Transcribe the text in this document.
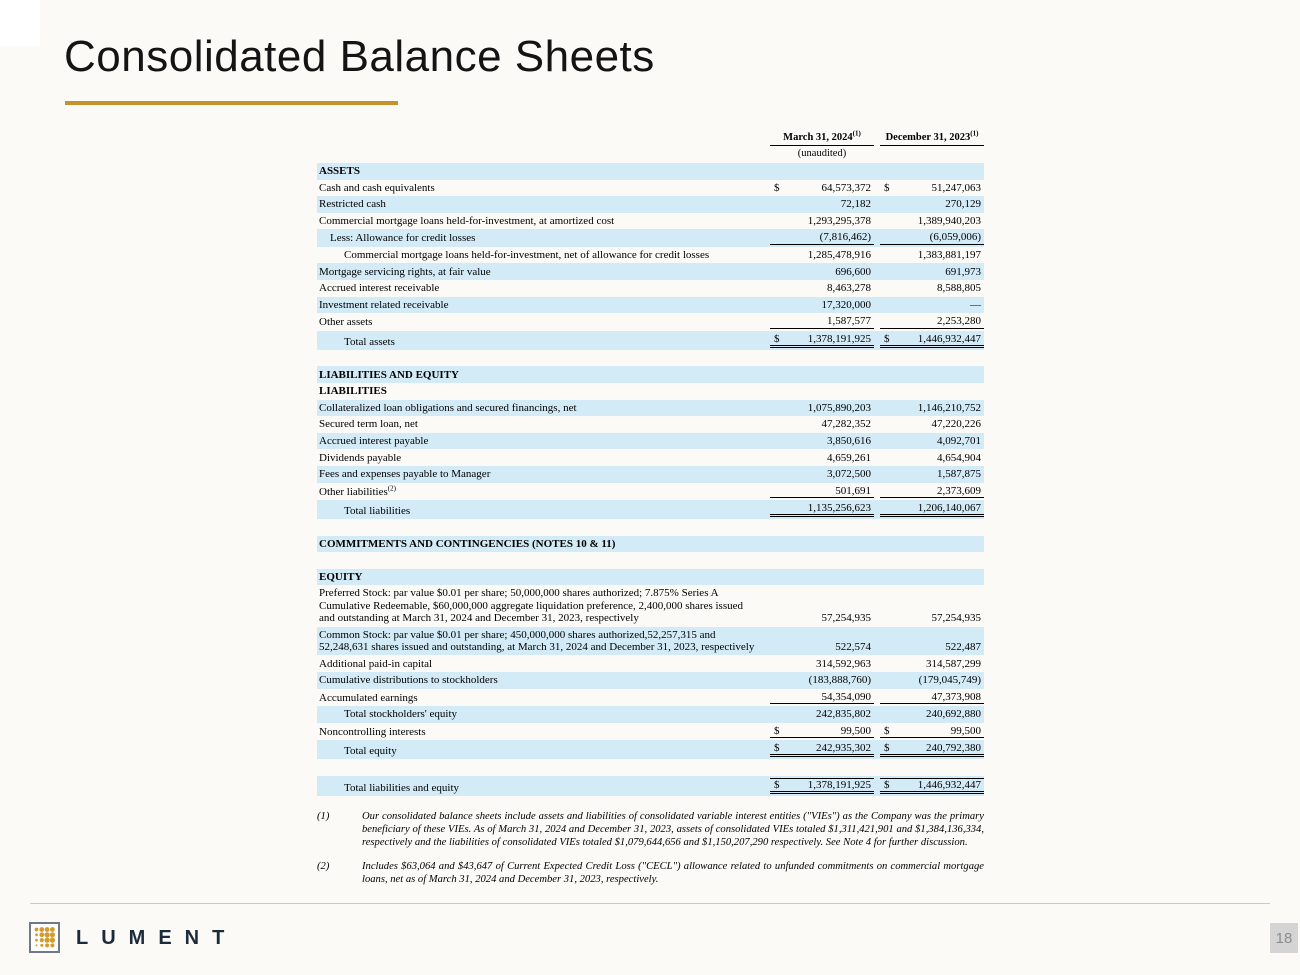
Consolidated Balance Sheets
March 31, 2024$^{(1)}$	December 31, 2023$^{(1)}$
(unaudited)
ASSETS
Cash and cash equivalents	$	64,573,372 $	51,247,063
Restricted cash	72,182	270,129
Commercial mortgage loans held-for-investment, at amortized cost	1,293,295,378	1,389,940,203
Less: Allowance for credit losses	(7,816,462)	(6,059,006)
Commercial mortgage loans held-for-investment, net of allowance for credit losses	1,285,478,916	1,383,881,197
Mortgage servicing rights, at fair value	696,600	691,973
Accrued interest receivable	8,463,278	8,588,805
Investment related receivable	17,320,000	—
Other assets	1,587,577	2,253,280
Total assets	$	1,378,191,925 $	1,446,932,447
LIABILITIES AND EQUITY
LIABILITIES
Collateralized loan obligations and secured financings, net	1,075,890,203	1,146,210,752
Secured term loan, net	47,282,352	47,220,226
Accrued interest payable	3,850,616	4,092,701
Dividends payable	4,659,261	4,654,904
Fees and expenses payable to Manager	3,072,500	1,587,875
Other liabilities$^{(2)}$	501,691	2,373,609
Total liabilities	1,135,256,623	1,206,140,067
COMMITMENTS AND CONTINGENCIES (NOTES 10 & 11)
EQUITY
Preferred Stock: par value $0.01 per share; 50,000,000 shares authorized; 7.875% Series A Cumulative Redeemable, $60,000,000 aggregate liquidation preference, 2,400,000 shares issued and outstanding at March 31, 2024 and December 31, 2023, respectively	57,254,935	57,254,935
Common Stock: par value $0.01 per share; 450,000,000 shares authorized,52,257,315 and 52,248,631 shares issued and outstanding, at March 31, 2024 and December 31, 2023, respectively	522,574	522,487
Additional paid-in capital	314,592,963	314,587,299
Cumulative distributions to stockholders	(183,888,760)	(179,045,749)
Accumulated earnings	54,354,090	47,373,908
Total stockholders' equity	242,835,802	240,692,880
Noncontrolling interests	$	99,500 $	99,500
Total equity	$	242,935,302 $	240,792,380
Total liabilities and equity	$	1,378,191,925 $	1,446,932,447
(1)	Our consolidated balance sheets include assets and liabilities of consolidated variable interest entities ("VIEs") as the Company was the primary beneficiary of these VIEs. As of March 31, 2024 and December 31, 2023, assets of consolidated VIEs totaled $1,311,421,901 and $1,384,136,334, respectively and the liabilities of consolidated VIEs totaled $1,079,644,656 and $1,150,207,290 respectively. See Note 4 for further discussion.
(2)	Includes $63,064 and $43,647 of Current Expected Credit Loss ("CECL") allowance related to unfunded commitments on commercial mortgage loans, net as of March 31, 2024 and December 31, 2023, respectively.
LUMENT	18
